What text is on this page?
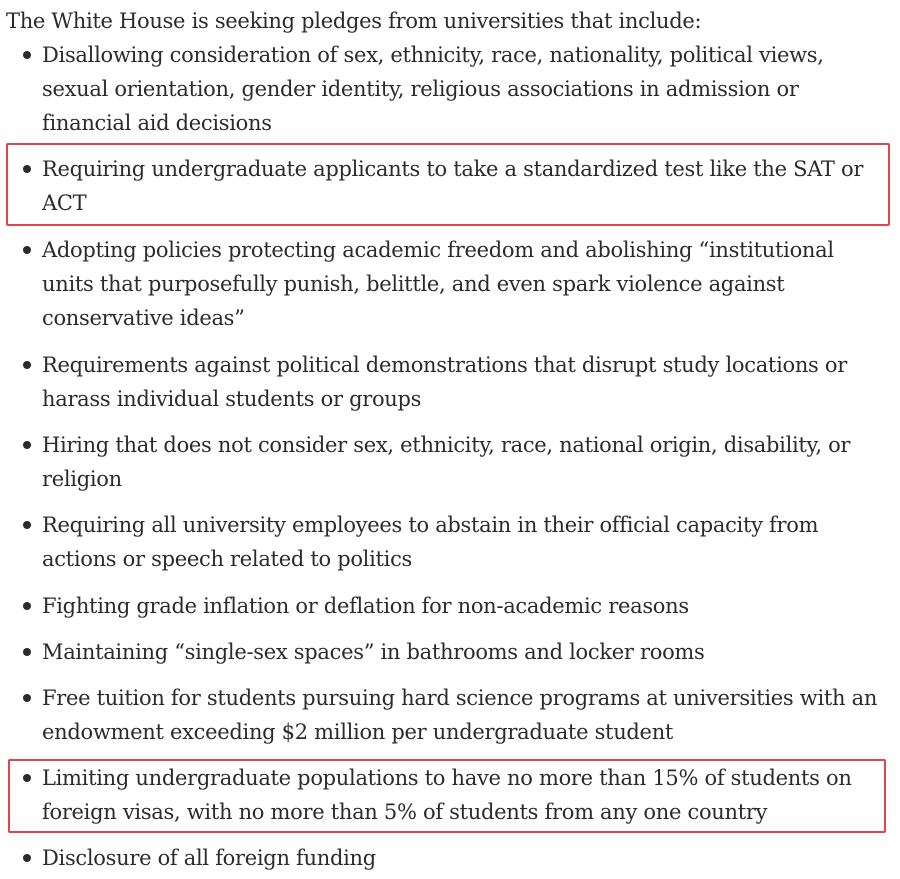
The White House is seeking pledges from universities that include:
Disallowing consideration of sex, ethnicity, race, nationality, political views,
sexual orientation, gender identity, religious associations in admission or
financial aid decisions
Requiring undergraduate applicants to take a standardized test like the SAT or
ACT
Adopting policies protecting academic freedom and abolishing “institutional
units that purposefully punish, belittle, and even spark violence against
conservative ideas”
Requirements against political demonstrations that disrupt study locations or
harass individual students or groups
Hiring that does not consider sex, ethnicity, race, national origin, disability, or
religion
Requiring all university employees to abstain in their official capacity from
actions or speech related to politics
Fighting grade inflation or deflation for non-academic reasons
Maintaining “single-sex spaces” in bathrooms and locker rooms
Free tuition for students pursuing hard science programs at universities with an
endowment exceeding $2 million per undergraduate student
Limiting undergraduate populations to have no more than 15% of students on
foreign visas, with no more than 5% of students from any one country
Disclosure of all foreign funding
